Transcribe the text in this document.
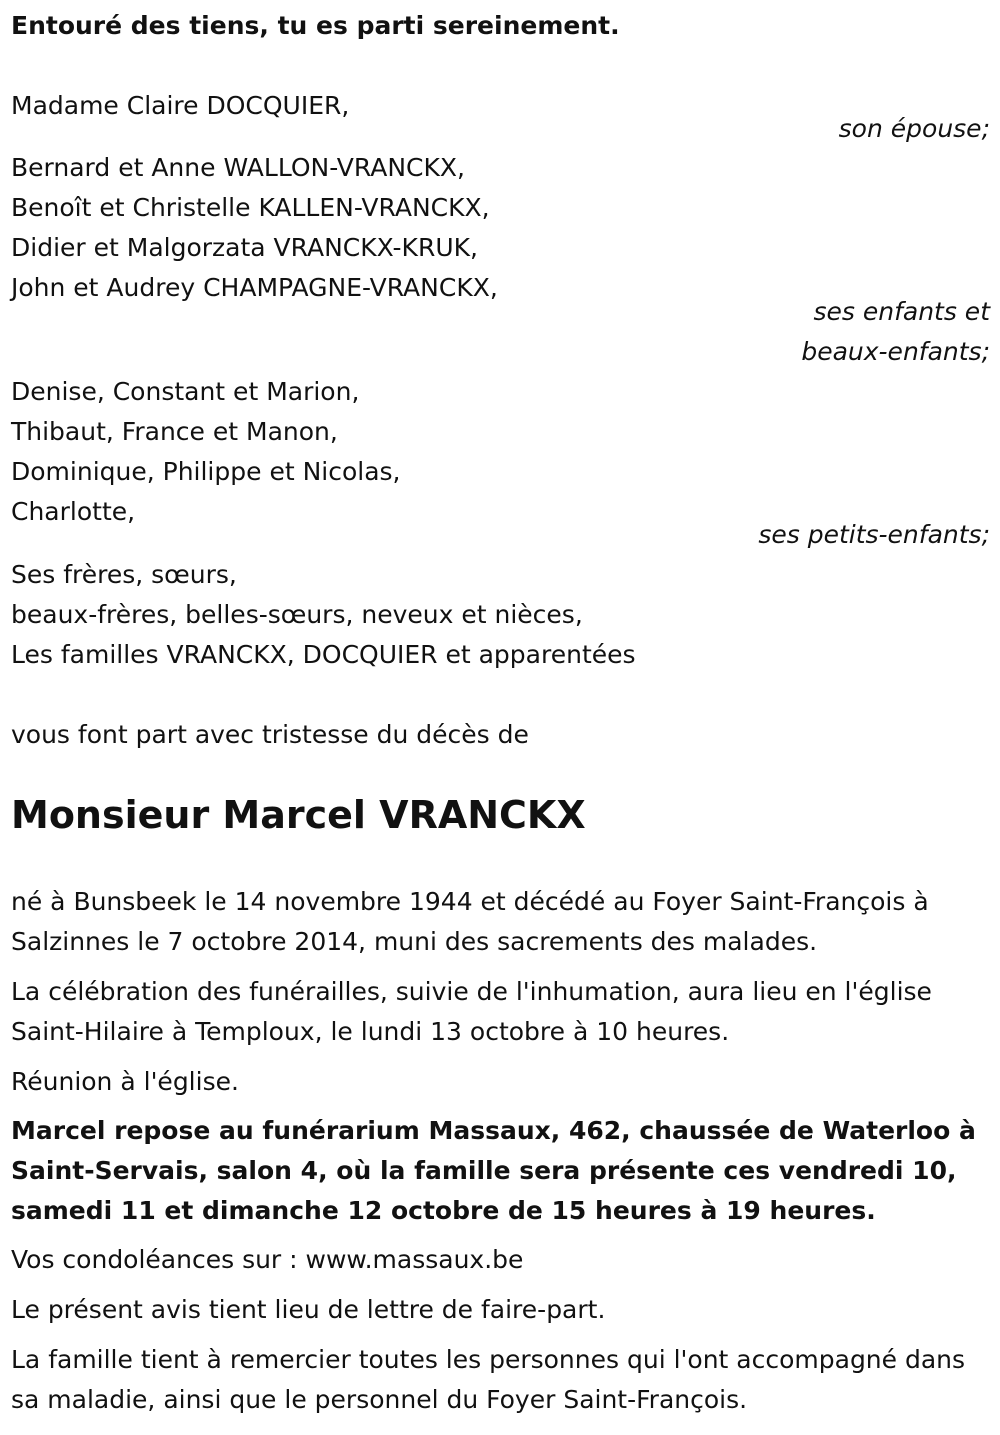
Entouré des tiens, tu es parti sereinement.
Madame Claire DOCQUIER,
son épouse;
Bernard et Anne WALLON-VRANCKX,
Benoît et Christelle KALLEN-VRANCKX,
Didier et Malgorzata VRANCKX-KRUK,
John et Audrey CHAMPAGNE-VRANCKX,
ses enfants et
beaux-enfants;
Denise, Constant et Marion,
Thibaut, France et Manon,
Dominique, Philippe et Nicolas,
Charlotte,
ses petits-enfants;
Ses frères, sœurs,
beaux-frères, belles-sœurs, neveux et nièces,
Les familles VRANCKX, DOCQUIER et apparentées
vous font part avec tristesse du décès de
Monsieur Marcel VRANCKX
né à Bunsbeek le 14 novembre 1944 et décédé au Foyer Saint-François à Salzinnes le 7 octobre 2014, muni des sacrements des malades.
La célébration des funérailles, suivie de l'inhumation, aura lieu en l'église Saint-Hilaire à Temploux, le lundi 13 octobre à 10 heures.
Réunion à l'église.
Marcel repose au funérarium Massaux, 462, chaussée de Waterloo à Saint-Servais, salon 4, où la famille sera présente ces vendredi 10, samedi 11 et dimanche 12 octobre de 15 heures à 19 heures.
Vos condoléances sur : www.massaux.be
Le présent avis tient lieu de lettre de faire-part.
La famille tient à remercier toutes les personnes qui l'ont accompagné dans sa maladie, ainsi que le personnel du Foyer Saint-François.
